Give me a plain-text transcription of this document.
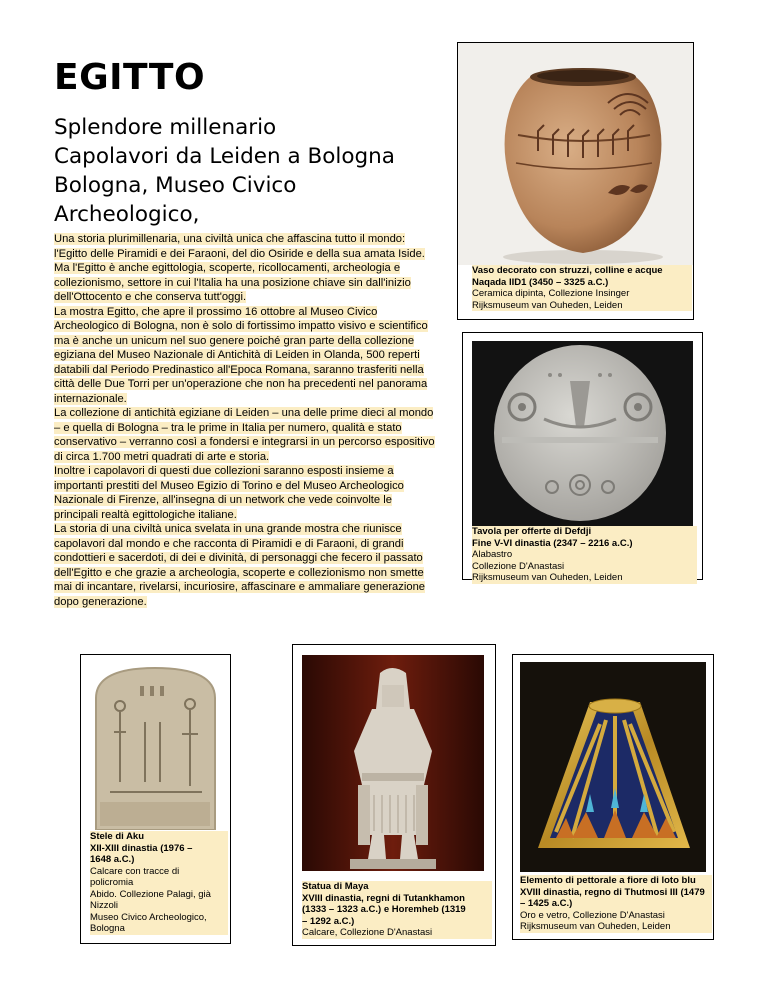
EGITTO
Splendore millenario
Capolavori da Leiden a Bologna
Bologna, Museo Civico
Archeologico,
Una storia plurimillenaria, una civiltà unica che affascina tutto il mondo:
l'Egitto delle Piramidi e dei Faraoni, del dio Osiride e della sua amata Iside.
Ma l'Egitto è anche egittologia, scoperte, ricollocamenti, archeologia e
collezionismo, settore in cui l'Italia ha una posizione chiave sin dall'inizio
dell'Ottocento e che conserva tutt'oggi.
La mostra Egitto, che apre il prossimo 16 ottobre al Museo Civico
Archeologico di Bologna, non è solo di fortissimo impatto visivo e scientifico
ma è anche un unicum nel suo genere poiché gran parte della collezione
egiziana del Museo Nazionale di Antichità di Leiden in Olanda, 500 reperti
databili dal Periodo Predinastico all'Epoca Romana, saranno trasferiti nella
città delle Due Torri per un'operazione che non ha precedenti nel panorama
internazionale.
La collezione di antichità egiziane di Leiden – una delle prime dieci al mondo
– e quella di Bologna – tra le prime in Italia per numero, qualità e stato
conservativo – verranno così a fondersi e integrarsi in un percorso espositivo
di circa 1.700 metri quadrati di arte e storia.
Inoltre i capolavori di questi due collezioni saranno esposti insieme a
importanti prestiti del Museo Egizio di Torino e del Museo Archeologico
Nazionale di Firenze, all'insegna di un network che vede coinvolte le
principali realtà egittologiche italiane.
La storia di una civiltà unica svelata in una grande mostra che riunisce
capolavori dal mondo e che racconta di Piramidi e di Faraoni, di grandi
condottieri e sacerdoti, di dei e divinità, di personaggi che fecero il passato
dell'Egitto e che grazie a archeologia, scoperte e collezionismo non smette
mai di incantare, rivelarsi, incuriosire, affascinare e ammaliare generazione
dopo generazione.

Vaso decorato con struzzi, colline e acque
Naqada IID1 (3450 – 3325 a.C.)
Ceramica dipinta, Collezione Insinger
Rijksmuseum van Ouheden, Leiden
Tavola per offerte di Defdji
Fine V-VI dinastia (2347 – 2216 a.C.)
Alabastro
Collezione D'Anastasi
Rijksmuseum van Ouheden, Leiden
Stele di Aku
XII-XIII dinastia (1976 –
1648 a.C.)
Calcare con tracce di
policromia
Abido. Collezione Palagi, già
Nizzoli
Museo Civico Archeologico,
Bologna
Statua di Maya
XVIII dinastia, regni di Tutankhamon
(1333 – 1323 a.C.) e Horemheb (1319
– 1292 a.C.)
Calcare, Collezione D'Anastasi
Elemento di pettorale a fiore di loto blu
XVIII dinastia, regno di Thutmosi III (1479
– 1425 a.C.)
Oro e vetro, Collezione D'Anastasi
Rijksmuseum van Ouheden, Leiden
